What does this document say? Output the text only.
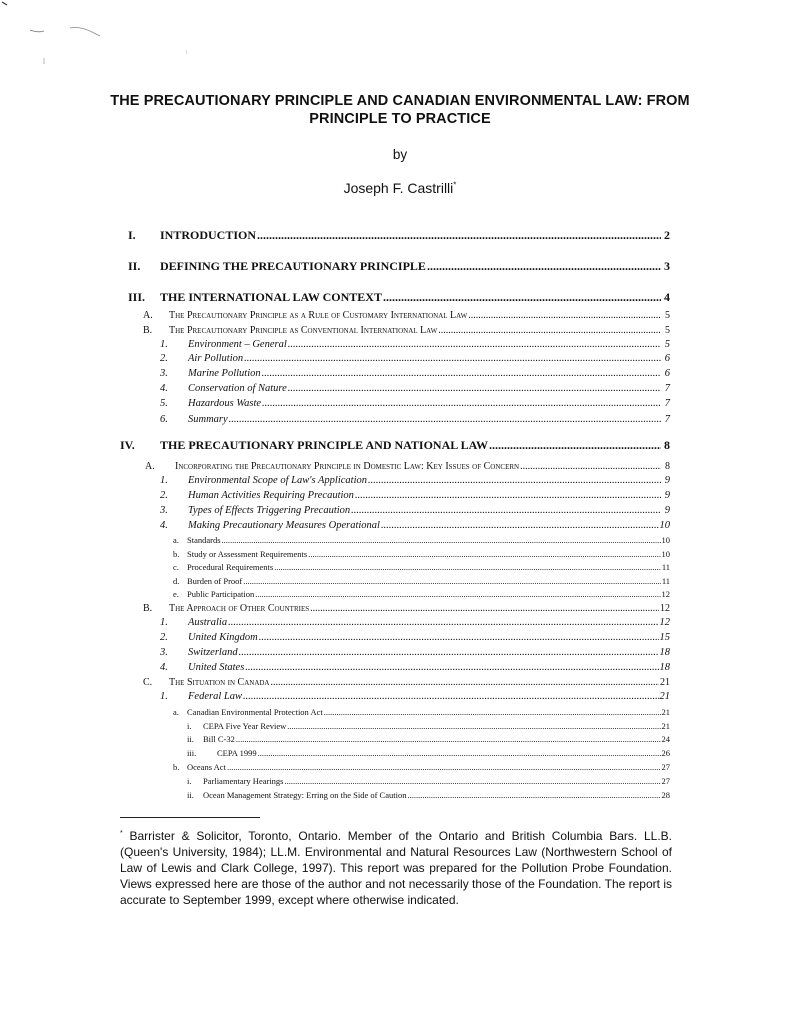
THE PRECAUTIONARY PRINCIPLE AND CANADIAN ENVIRONMENTAL LAW: FROM PRINCIPLE TO PRACTICE
by
Joseph F. Castrilli*
I.	INTRODUCTION .....	2
II.	DEFINING THE PRECAUTIONARY PRINCIPLE .....	3
III.	THE INTERNATIONAL LAW CONTEXT .....	4
A.	The Precautionary Principle as a Rule of Customary International Law .....	5
B.	The Precautionary Principle as Conventional International Law .....	5
1.	Environment – General .....	5
2.	Air Pollution .....	6
3.	Marine Pollution .....	6
4.	Conservation of Nature .....	7
5.	Hazardous Waste .....	7
6.	Summary .....	7
IV.	THE PRECAUTIONARY PRINCIPLE AND NATIONAL LAW .....	8
A.	Incorporating the Precautionary Principle in Domestic Law: Key Issues of Concern .....	8
1.	Environmental Scope of Law's Application .....	9
2.	Human Activities Requiring Precaution .....	9
3.	Types of Effects Triggering Precaution .....	9
4.	Making Precautionary Measures Operational .....	10
a. Standards .....	10
b. Study or Assessment Requirements .....	10
c. Procedural Requirements .....	11
d. Burden of Proof .....	11
e. Public Participation .....	12
B.	The Approach of Other Countries .....	12
1.	Australia .....	12
2.	United Kingdom .....	15
3.	Switzerland .....	18
4.	United States .....	18
C.	The Situation in Canada .....	21
1.	Federal Law .....	21
a. Canadian Environmental Protection Act .....	21
i.	CEPA Five Year Review .....	21
ii.	Bill C-32 .....	24
iii.	CEPA 1999 .....	26
b. Oceans Act .....	27
i.	Parliamentary Hearings .....	27
ii.	Ocean Management Strategy: Erring on the Side of Caution .....	28
* Barrister & Solicitor, Toronto, Ontario. Member of the Ontario and British Columbia Bars. LL.B. (Queen's University, 1984); LL.M. Environmental and Natural Resources Law (Northwestern School of Law of Lewis and Clark College, 1997). This report was prepared for the Pollution Probe Foundation. Views expressed here are those of the author and not necessarily those of the Foundation. The report is accurate to September 1999, except where otherwise indicated.
